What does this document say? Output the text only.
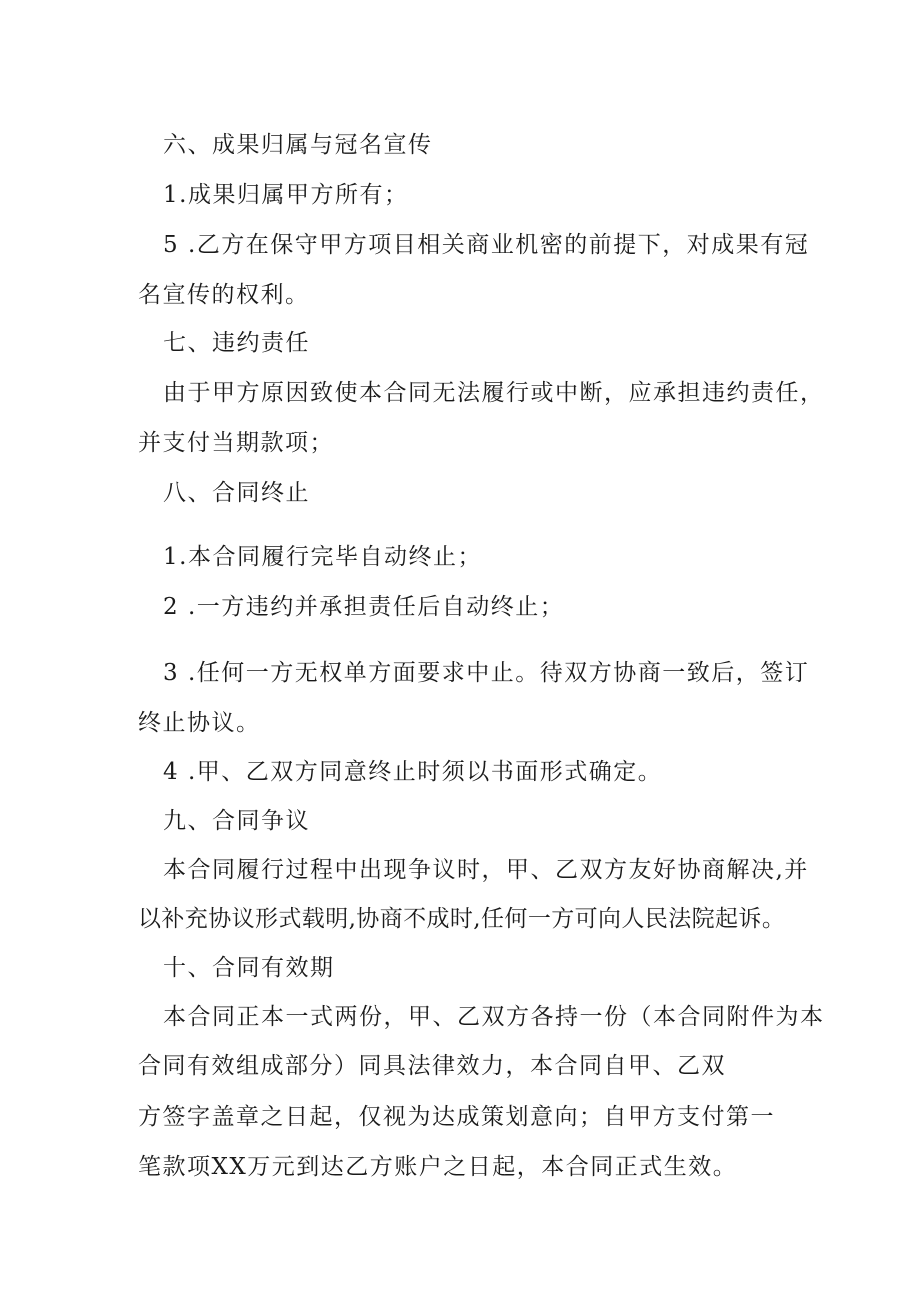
六、成果归属与冠名宣传
1.成果归属甲方所有；
5 .乙方在保守甲方项目相关商业机密的前提下，对成果有冠
名宣传的权利。
七、违约责任
由于甲方原因致使本合同无法履行或中断，应承担违约责任，
并支付当期款项；
八、合同终止
1.本合同履行完毕自动终止；
2 .一方违约并承担责任后自动终止；
3 .任何一方无权单方面要求中止。待双方协商一致后，签订
终止协议。
4 .甲、乙双方同意终止时须以书面形式确定。
九、合同争议
本合同履行过程中出现争议时，甲、乙双方友好协商解决,并
以补充协议形式载明,协商不成时,任何一方可向人民法院起诉。
十、合同有效期
本合同正本一式两份，甲、乙双方各持一份（本合同附件为本
合同有效组成部分）同具法律效力，本合同自甲、乙双
方签字盖章之日起，仅视为达成策划意向；自甲方支付第一
笔款项XX万元到达乙方账户之日起，本合同正式生效。
